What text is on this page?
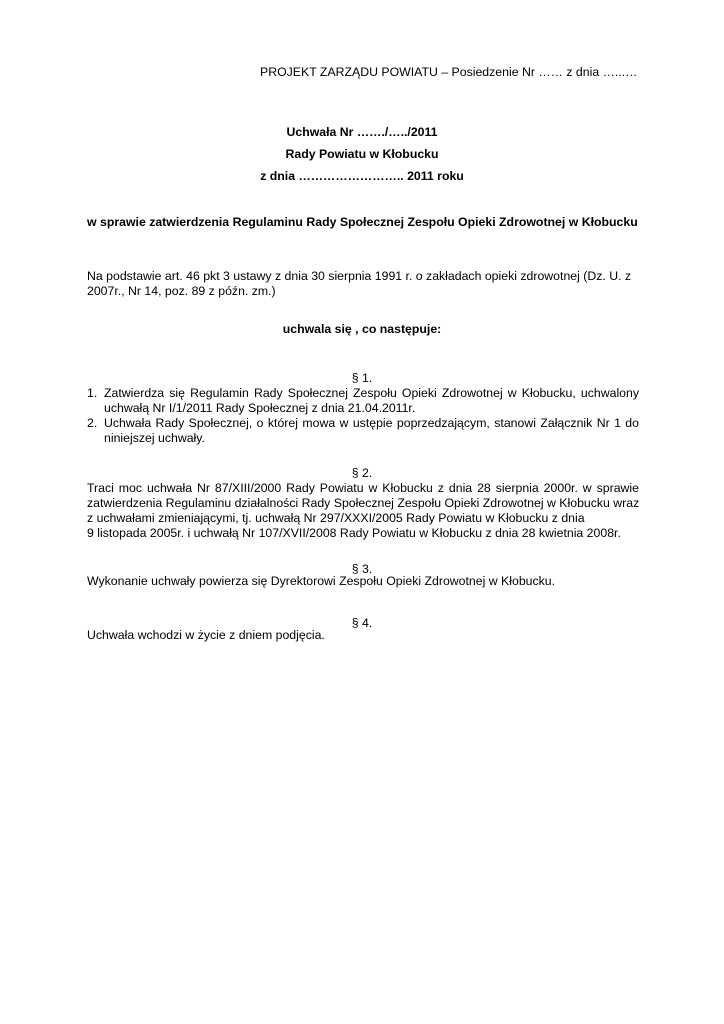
PROJEKT ZARZĄDU POWIATU – Posiedzenie Nr …… z dnia …...…
Uchwała Nr ……./…../2011
Rady Powiatu w Kłobucku
z dnia …………………….. 2011 roku
w sprawie zatwierdzenia Regulaminu Rady Społecznej Zespołu Opieki Zdrowotnej w Kłobucku
Na podstawie art. 46 pkt 3 ustawy z dnia 30 sierpnia 1991 r. o zakładach opieki zdrowotnej (Dz. U. z 2007r., Nr 14, poz. 89 z późn. zm.)
uchwala się , co następuje:
§ 1.
1. Zatwierdza się Regulamin Rady Społecznej Zespołu Opieki Zdrowotnej w Kłobucku, uchwalony uchwałą Nr I/1/2011 Rady Społecznej z dnia 21.04.2011r.
2. Uchwała Rady Społecznej, o której mowa w ustępie poprzedzającym, stanowi Załącznik Nr 1 do niniejszej uchwały.
§ 2.
Traci moc uchwała Nr 87/XIII/2000 Rady Powiatu w Kłobucku z dnia 28 sierpnia 2000r. w sprawie
zatwierdzenia Regulaminu działalności Rady Społecznej Zespołu Opieki Zdrowotnej w Kłobucku wraz
z uchwałami zmieniającymi, tj. uchwałą Nr 297/XXXI/2005 Rady Powiatu w Kłobucku z dnia
9 listopada 2005r. i uchwałą Nr 107/XVII/2008 Rady Powiatu w Kłobucku z dnia 28 kwietnia 2008r.
§ 3.
Wykonanie uchwały powierza się Dyrektorowi Zespołu Opieki Zdrowotnej w Kłobucku.
§ 4.
Uchwała wchodzi w życie z dniem podjęcia.
